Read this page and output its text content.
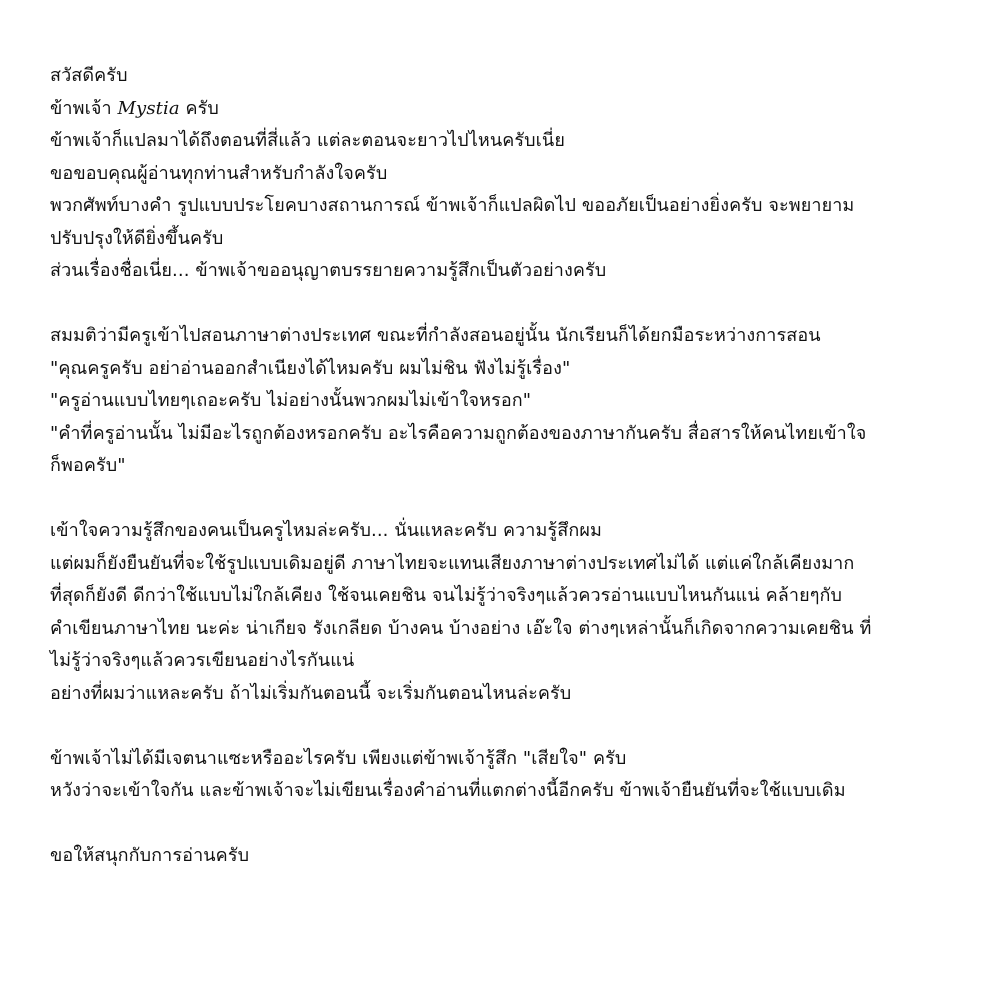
สวัสดีครับ
ข้าพเจ้า Mystia ครับ
ข้าพเจ้าก็แปลมาได้ถึงตอนที่สี่แล้ว แต่ละตอนจะยาวไปไหนครับเนี่ย
ขอขอบคุณผู้อ่านทุกท่านสำหรับกำลังใจครับ
พวกศัพท์บางคำ รูปแบบประโยคบางสถานการณ์ ข้าพเจ้าก็แปลผิดไป ขออภัยเป็นอย่างยิ่งครับ จะพยายาม
ปรับปรุงให้ดียิ่งขึ้นครับ
ส่วนเรื่องชื่อเนี่ย... ข้าพเจ้าขออนุญาตบรรยายความรู้สึกเป็นตัวอย่างครับ
สมมติว่ามีครูเข้าไปสอนภาษาต่างประเทศ ขณะที่กำลังสอนอยู่นั้น นักเรียนก็ได้ยกมือระหว่างการสอน
"คุณครูครับ อย่าอ่านออกสำเนียงได้ไหมครับ ผมไม่ชิน ฟังไม่รู้เรื่อง"
"ครูอ่านแบบไทยๆเถอะครับ ไม่อย่างนั้นพวกผมไม่เข้าใจหรอก"
"คำที่ครูอ่านนั้น ไม่มีอะไรถูกต้องหรอกครับ อะไรคือความถูกต้องของภาษากันครับ สื่อสารให้คนไทยเข้าใจ
ก็พอครับ"
เข้าใจความรู้สึกของคนเป็นครูไหมล่ะครับ... นั่นแหละครับ ความรู้สึกผม
แต่ผมก็ยังยืนยันที่จะใช้รูปแบบเดิมอยู่ดี ภาษาไทยจะแทนเสียงภาษาต่างประเทศไม่ได้ แต่แค่ใกล้เคียงมาก
ที่สุดก็ยังดี ดีกว่าใช้แบบไม่ใกล้เคียง ใช้จนเคยชิน จนไม่รู้ว่าจริงๆแล้วควรอ่านแบบไหนกันแน่ คล้ายๆกับ
คำเขียนภาษาไทย นะค่ะ น่าเกียจ รังเกลียด บ้างคน บ้างอย่าง เอ๊ะใจ ต่างๆเหล่านั้นก็เกิดจากความเคยชิน ที่
ไม่รู้ว่าจริงๆแล้วควรเขียนอย่างไรกันแน่
อย่างที่ผมว่าแหละครับ ถ้าไม่เริ่มกันตอนนี้ จะเริ่มกันตอนไหนล่ะครับ
ข้าพเจ้าไม่ได้มีเจตนาแซะหรืออะไรครับ เพียงแต่ข้าพเจ้ารู้สึก "เสียใจ" ครับ
หวังว่าจะเข้าใจกัน และข้าพเจ้าจะไม่เขียนเรื่องคำอ่านที่แตกต่างนี้อีกครับ ข้าพเจ้ายืนยันที่จะใช้แบบเดิม
ขอให้สนุกกับการอ่านครับ
